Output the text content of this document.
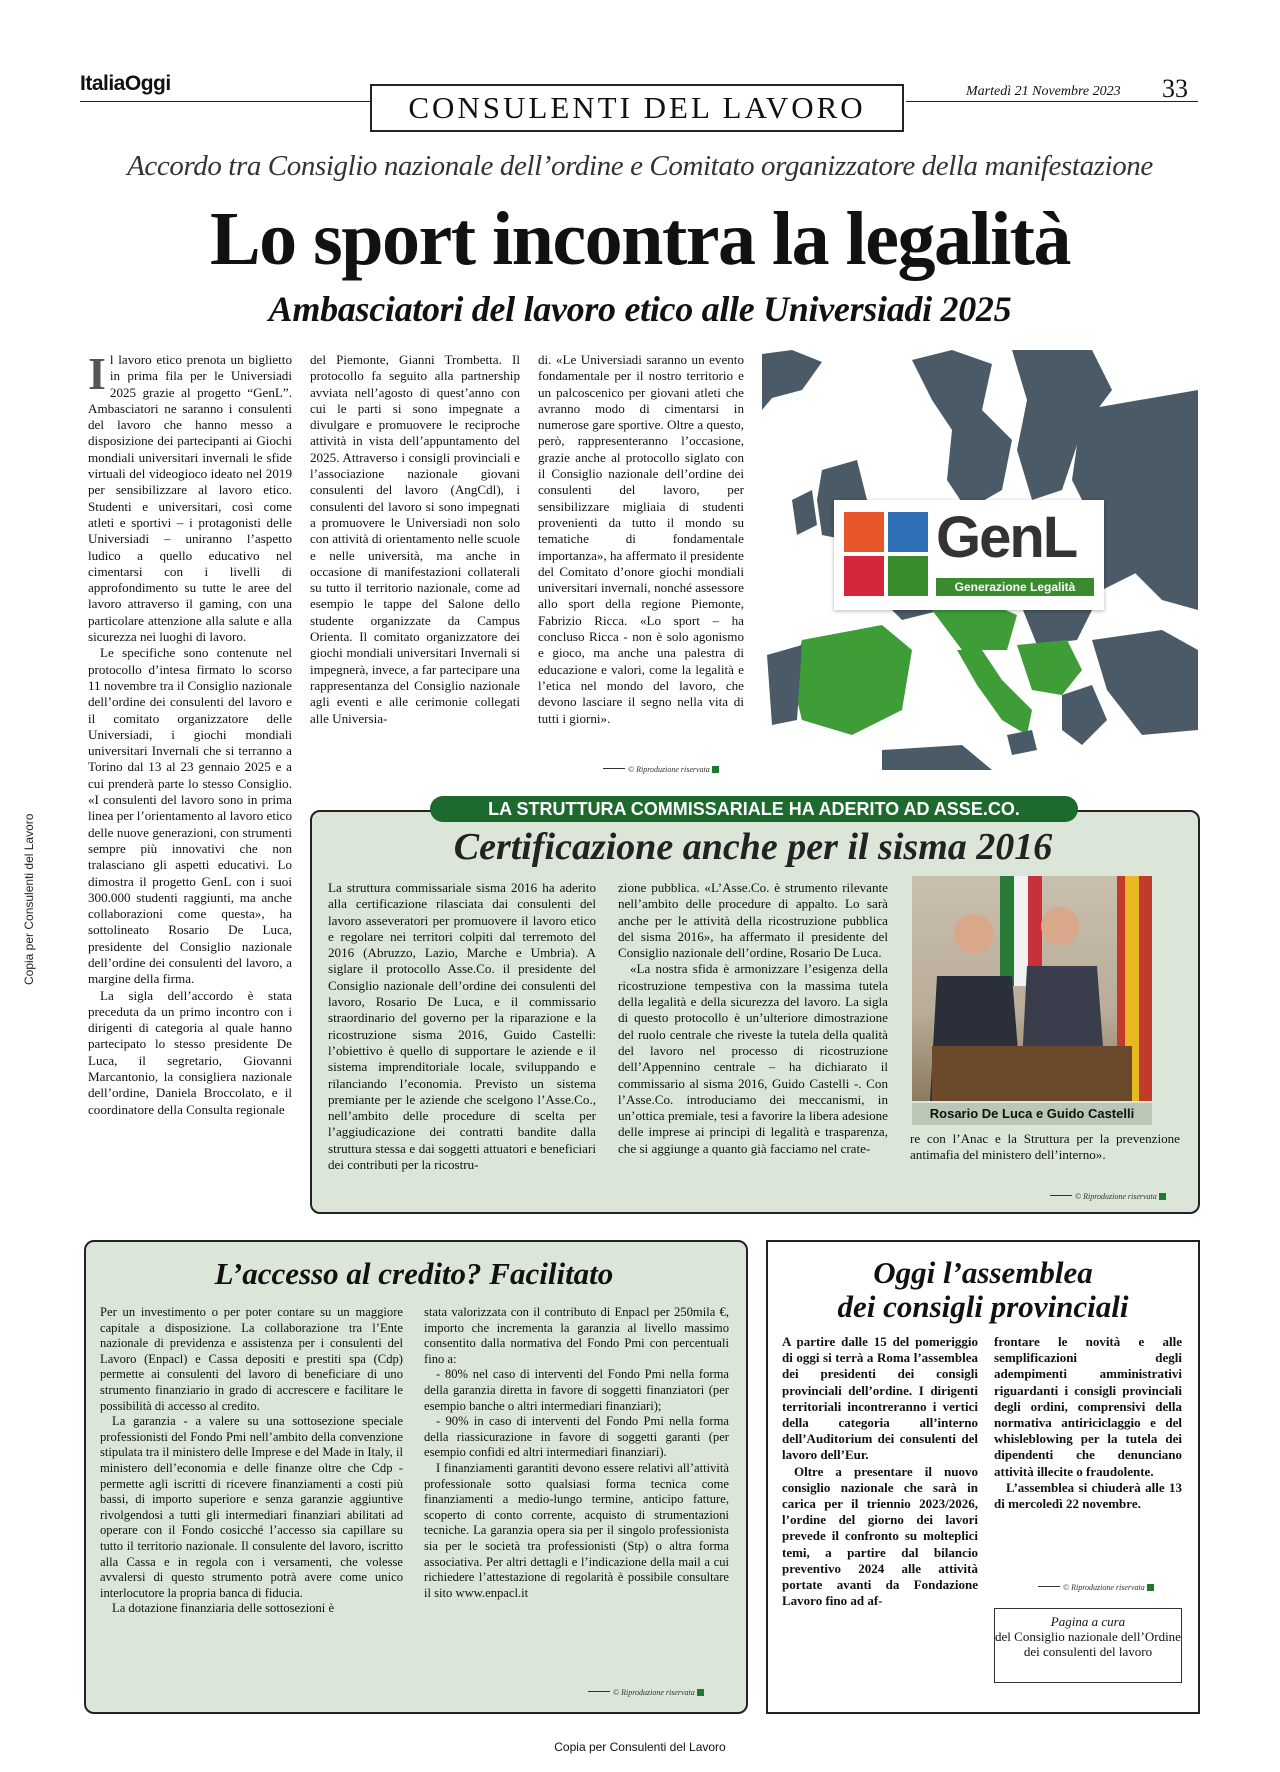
ItaliaOggi
CONSULENTI DEL LAVORO	Martedì 21 Novembre 2023 33
Copia per Consulenti del Lavoro
Accordo tra Consiglio nazionale dell’ordine e Comitato organizzatore della manifestazione
Lo sport incontra la legalità
Ambasciatori del lavoro etico alle Universiadi 2025
I l lavoro etico prenota un biglietto in prima fila per le Universiadi 2025 grazie al progetto “GenL”. Ambasciatori ne saranno i consulenti del lavoro che hanno messo a disposizione dei partecipanti ai Giochi mondiali universitari invernali le sfide virtuali del videogioco ideato nel 2019 per sensibilizzare al lavoro etico. Studenti e universitari, così come atleti e sportivi – i protagonisti delle Universiadi – uniranno l’aspetto ludico a quello educativo nel cimentarsi con i livelli di approfondimento su tutte le aree del lavoro attraverso il gaming, con una particolare attenzione alla salute e alla sicurezza nei luoghi di lavoro.

Le specifiche sono contenute nel protocollo d’intesa firmato lo scorso 11 novembre tra il Consiglio nazionale dell’ordine dei consulenti del lavoro e il comitato organizzatore delle Universiadi, i giochi mondiali universitari Invernali che si terranno a Torino dal 13 al 23 gennaio 2025 e a cui prenderà parte lo stesso Consiglio. «I consulenti del lavoro sono in prima linea per l’orientamento al lavoro etico delle nuove generazioni, con strumenti sempre più innovativi che non tralasciano gli aspetti educativi. Lo dimostra il progetto GenL con i suoi 300.000 studenti raggiunti, ma anche collaborazioni come questa», ha sottolineato Rosario De Luca, presidente del Consiglio nazionale dell’ordine dei consulenti del lavoro, a margine della firma.

La sigla dell’accordo è stata preceduta da un primo incontro con i dirigenti di categoria al quale hanno partecipato lo stesso presidente De Luca, il segretario, Giovanni Marcantonio, la consigliera nazionale dell’ordine, Daniela Broccolato, e il coordinatore della Consulta regionale

del Piemonte, Gianni Trombetta. Il protocollo fa seguito alla partnership avviata nell’agosto di quest’anno con cui le parti si sono impegnate a divulgare e promuovere le reciproche attività in vista dell’appuntamento del 2025. Attraverso i consigli provinciali e l’associazione nazionale giovani consulenti del lavoro (AngCdl), i consulenti del lavoro si sono impegnati a promuovere le Universiadi non solo con attività di orientamento nelle scuole e nelle università, ma anche in occasione di manifestazioni collaterali su tutto il territorio nazionale, come ad esempio le tappe del Salone dello studente organizzate da Campus Orienta. Il comitato organizzatore dei giochi mondiali universitari Invernali si impegnerà, invece, a far partecipare una rappresentanza del Consiglio nazionale agli eventi e alle cerimonie collegati alle Universia-

di. «Le Universiadi saranno un evento fondamentale per il nostro territorio e un palcoscenico per giovani atleti che avranno modo di cimentarsi in numerose gare sportive. Oltre a questo, però, rappresenteranno l’occasione, grazie anche al protocollo siglato con il Consiglio nazionale dell’ordine dei consulenti del lavoro, per sensibilizzare migliaia di studenti provenienti da tutto il mondo su tematiche di fondamentale importanza», ha affermato il presidente del Comitato d’onore giochi mondiali universitari invernali, nonché assessore allo sport della regione Piemonte, Fabrizio Ricca. «Lo sport – ha concluso Ricca - non è solo agonismo e gioco, ma anche una palestra di educazione e valori, come la legalità e l’etica nel mondo del lavoro, che devono lasciare il segno nella vita di tutti i giorni».

© Riproduzione riservata
GenL
Generazione Legalità
LA STRUTTURA COMMISSARIALE HA ADERITO AD ASSE.CO.
Certificazione anche per il sisma 2016

La struttura commissariale sisma 2016 ha aderito alla certificazione rilasciata dai consulenti del lavoro asseveratori per promuovere il lavoro etico e regolare nei territori colpiti dal terremoto del 2016 (Abruzzo, Lazio, Marche e Umbria). A siglare il protocollo Asse.Co. il presidente del Consiglio nazionale dell’ordine dei consulenti del lavoro, Rosario De Luca, e il commissario straordinario del governo per la riparazione e la ricostruzione sisma 2016, Guido Castelli: l’obiettivo è quello di supportare le aziende e il sistema imprenditoriale locale, sviluppando e rilanciando l’economia. Previsto un sistema premiante per le aziende che scelgono l’Asse.Co., nell’ambito delle procedure di scelta per l’aggiudicazione dei contratti bandite dalla struttura stessa e dai soggetti attuatori e beneficiari dei contributi per la ricostru-

zione pubblica. «L’Asse.Co. è strumento rilevante nell’ambito delle procedure di appalto. Lo sarà anche per le attività della ricostruzione pubblica del sisma 2016», ha affermato il presidente del Consiglio nazionale dell’ordine, Rosario De Luca.

«La nostra sfida è armonizzare l’esigenza della ricostruzione tempestiva con la massima tutela della legalità e della sicurezza del lavoro. La sigla di questo protocollo è un’ulteriore dimostrazione del ruolo centrale che riveste la tutela della qualità del lavoro nel processo di ricostruzione dell’Appennino centrale – ha dichiarato il commissario al sisma 2016, Guido Castelli -. Con l’Asse.Co. introduciamo dei meccanismi, in un’ottica premiale, tesi a favorire la libera adesione delle imprese ai principi di legalità e trasparenza, che si aggiunge a quanto già facciamo nel crate-

re con l’Anac e la Struttura per la prevenzione antimafia del ministero dell’interno».

© Riproduzione riservata
Rosario De Luca e Guido Castelli
L’accesso al credito? Facilitato

Per un investimento o per poter contare su un maggiore capitale a disposizione. La collaborazione tra l’Ente nazionale di previdenza e assistenza per i consulenti del Lavoro (Enpacl) e Cassa depositi e prestiti spa (Cdp) permette ai consulenti del lavoro di beneficiare di uno strumento finanziario in grado di accrescere e facilitare le possibilità di accesso al credito.

La garanzia - a valere su una sottosezione speciale professionisti del Fondo Pmi nell’ambito della convenzione stipulata tra il ministero delle Imprese e del Made in Italy, il ministero dell’economia e delle finanze oltre che Cdp - permette agli iscritti di ricevere finanziamenti a costi più bassi, di importo superiore e senza garanzie aggiuntive rivolgendosi a tutti gli intermediari finanziari abilitati ad operare con il Fondo cosicché l’accesso sia capillare su tutto il territorio nazionale. Il consulente del lavoro, iscritto alla Cassa e in regola con i versamenti, che volesse avvalersi di questo strumento potrà avere come unico interlocutore la propria banca di fiducia.

La dotazione finanziaria delle sottosezioni è

stata valorizzata con il contributo di Enpacl per 250mila €, importo che incrementa la garanzia al livello massimo consentito dalla normativa del Fondo Pmi con percentuali fino a:

- 80% nel caso di interventi del Fondo Pmi nella forma della garanzia diretta in favore di soggetti finanziatori (per esempio banche o altri intermediari finanziari);

- 90% in caso di interventi del Fondo Pmi nella forma della riassicurazione in favore di soggetti garanti (per esempio confidi ed altri intermediari finanziari).

I finanziamenti garantiti devono essere relativi all’attività professionale sotto qualsiasi forma tecnica come finanziamenti a medio-lungo termine, anticipo fatture, scoperto di conto corrente, acquisto di strumentazioni tecniche. La garanzia opera sia per il singolo professionista sia per le società tra professionisti (Stp) o altra forma associativa. Per altri dettagli e l’indicazione della mail a cui richiedere l’attestazione di regolarità è possibile consultare il sito www.enpacl.it

© Riproduzione riservata
Oggi l’assemblea
dei consigli provinciali

A partire dalle 15 del pomeriggio di oggi si terrà a Roma l’assemblea dei presidenti dei consigli provinciali dell’ordine. I dirigenti territoriali incontreranno i vertici della categoria all’interno dell’Auditorium dei consulenti del lavoro dell’Eur.

Oltre a presentare il nuovo consiglio nazionale che sarà in carica per il triennio 2023/2026, l’ordine del giorno dei lavori prevede il confronto su molteplici temi, a partire dal bilancio preventivo 2024 alle attività portate avanti da Fondazione Lavoro fino ad af-

frontare le novità e alle semplificazioni degli adempimenti amministrativi riguardanti i consigli provinciali degli ordini, comprensivi della normativa antiriciclaggio e del whisleblowing per la tutela dei dipendenti che denunciano attività illecite o fraudolente.

L’assemblea si chiuderà alle 13 di mercoledì 22 novembre.

© Riproduzione riservata
Pagina a cura
del Consiglio nazionale dell’Ordine
dei consulenti del lavoro
Copia per Consulenti del Lavoro
